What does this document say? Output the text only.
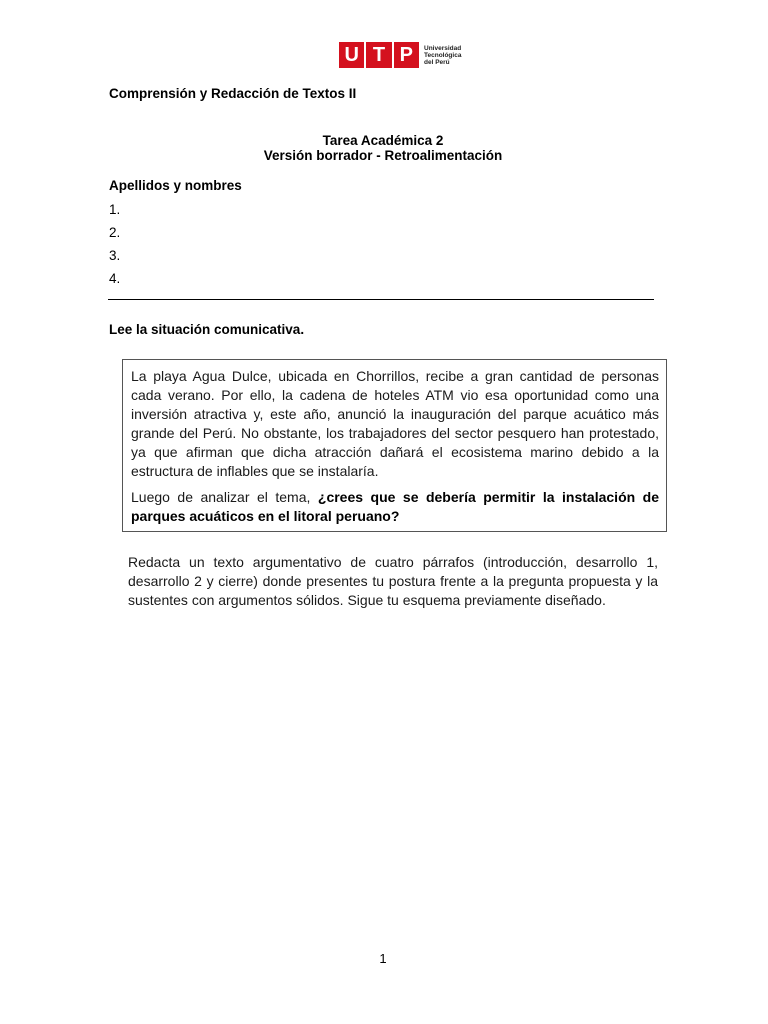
U T P	Universidad
Tecnológica
del Perú
Comprensión y Redacción de Textos II
Tarea Académica 2
Versión borrador - Retroalimentación
Apellidos y nombres
1.
2.
3.
4.
Lee la situación comunicativa.

La playa Agua Dulce, ubicada en Chorrillos, recibe a gran cantidad de personas cada verano. Por ello, la cadena de hoteles ATM vio esa oportunidad como una inversión atractiva y, este año, anunció la inauguración del parque acuático más grande del Perú. No obstante, los trabajadores del sector pesquero han protestado, ya que afirman que dicha atracción dañará el ecosistema marino debido a la estructura de inflables que se instalaría.

Luego de analizar el tema, ¿crees que se debería permitir la instalación de parques acuáticos en el litoral peruano?

Redacta un texto argumentativo de cuatro párrafos (introducción, desarrollo 1, desarrollo 2 y cierre) donde presentes tu postura frente a la pregunta propuesta y la sustentes con argumentos sólidos. Sigue tu esquema previamente diseñado.
1
